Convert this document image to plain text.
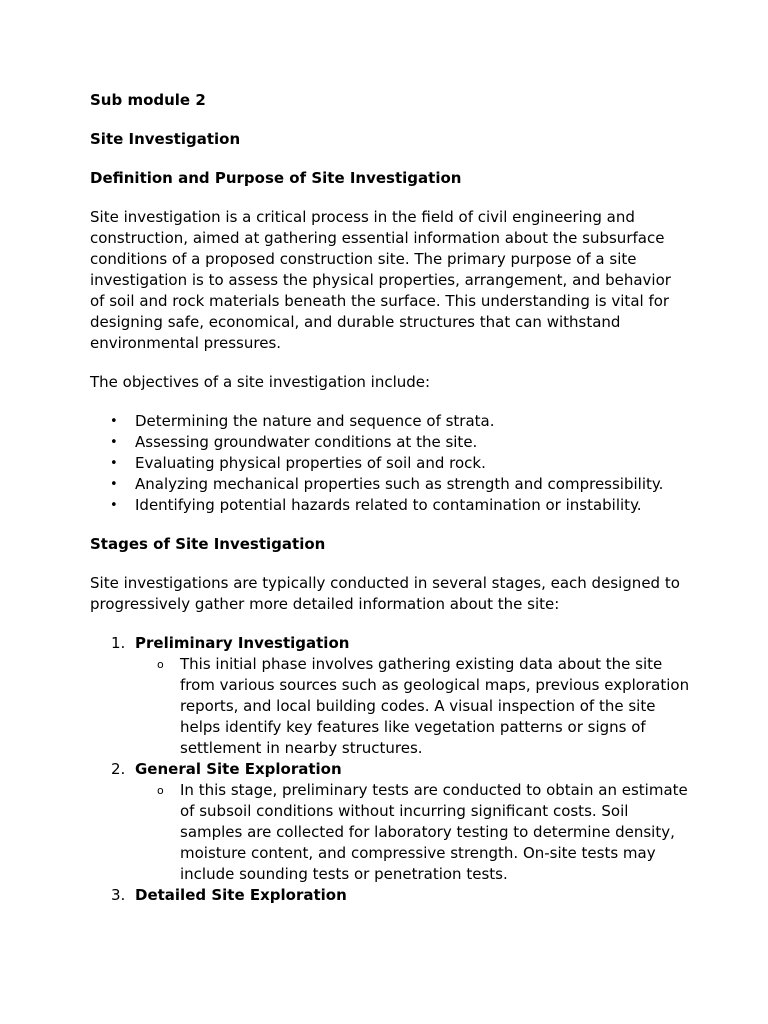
Sub module 2

Site Investigation

Definition and Purpose of Site Investigation

Site investigation is a critical process in the field of civil engineering and construction, aimed at gathering essential information about the subsurface conditions of a proposed construction site. The primary purpose of a site investigation is to assess the physical properties, arrangement, and behavior of soil and rock materials beneath the surface. This understanding is vital for designing safe, economical, and durable structures that can withstand environmental pressures.

The objectives of a site investigation include:

• Determining the nature and sequence of strata.
• Assessing groundwater conditions at the site.
• Evaluating physical properties of soil and rock.
• Analyzing mechanical properties such as strength and compressibility.
• Identifying potential hazards related to contamination or instability.

Stages of Site Investigation

Site investigations are typically conducted in several stages, each designed to progressively gather more detailed information about the site:

1. Preliminary Investigation
o This initial phase involves gathering existing data about the site from various sources such as geological maps, previous exploration reports, and local building codes. A visual inspection of the site helps identify key features like vegetation patterns or signs of settlement in nearby structures.
2. General Site Exploration
o In this stage, preliminary tests are conducted to obtain an estimate of subsoil conditions without incurring significant costs. Soil samples are collected for laboratory testing to determine density, moisture content, and compressive strength. On-site tests may include sounding tests or penetration tests.
3. Detailed Site Exploration
